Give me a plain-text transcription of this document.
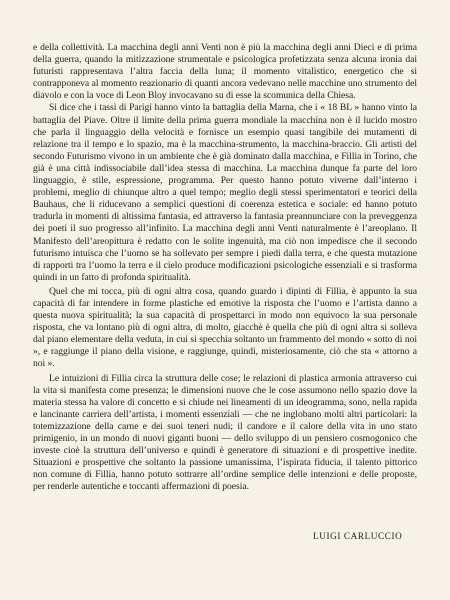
e della collettività. La macchina degli anni Venti non è più la macchina degli anni Dieci e di prima della guerra, quando la mitizzazione strumentale e psicologica profetizzata senza alcuna ironia dai futuristi rappresentava l’altra faccia della luna; il momento vitalistico, energetico che si contrapponeva al momento reazionario di quanti ancora vedevano nelle macchine uno strumento del diavolo e con la voce di Leon Bloy invocavano su di esse la scomunica della Chiesa.

Si dice che i tassì di Parigi hanno vinto la battaglia della Marna, che i « 18 BL » hanno vinto la battaglia del Piave. Oltre il limite della prima guerra mondiale la macchina non è il lucido mostro che parla il linguaggio della velocità e fornisce un esempio quasi tangibile dei mutamenti di relazione tra il tempo e lo spazio, ma è la macchina-strumento, la macchina-braccio. Gli artisti del secondo Futurismo vivono in un ambiente che è già dominato dalla macchina, e Fillia in Torino, che già è una città indissociabile dall’idea stessa di macchina. La macchina dunque fa parte del loro linguaggio, è stile, espressione, programma. Per questo hanno potuto viverne dall’interno i problemi, meglio di chiunque altro a quel tempo; meglio degli stessi sperimentatori e teorici della Bauhaus, che li riducevano a semplici questioni di coerenza estetica e sociale: ed hanno potuto tradurla in momenti di altissima fantasia, ed attraverso la fantasia preannunciare con la preveggenza dei poeti il suo progresso all’infinito. La macchina degli anni Venti naturalmente è l’areoplano. Il Manifesto dell’areopittura è redatto con le solite ingenuità, ma ciò non impedisce che il secondo futurismo intuisca che l’uomo se ha sollevato per sempre i piedi dalla terra, e che questa mutazione di rapporti tra l’uomo la terra e il cielo produce modificazioni psicologiche essenziali e si trasforma quindi in un fatto di profonda spiritualità.

Quel che mi tocca, più di ogni altra cosa, quando guardo i dipinti di Fillia, è appunto la sua capacità di far intendere in forme plastiche ed emotive la risposta che l’uomo e l’artista danno a questa nuova spiritualità; la sua capacità di prospettarci in modo non equivoco la sua personale risposta, che va lontano più di ogni altra, di molto, giacchè è quella che più di ogni altra si solleva dal piano elementare della veduta, in cui si specchia soltanto un frammento del mondo « sotto di noi », e raggiunge il piano della visione, e raggiunge, quindi, misteriosamente, ciò che sta « attorno a noi ».

Le intuizioni di Fillia circa la struttura delle cose; le relazioni di plastica armonia attraverso cui la vita si manifesta come presenza; le dimensioni nuove che le cose assumono nello spazio dove la materia stessa ha valore di concetto e si chiude nei lineamenti di un ideogramma, sono, nella rapida e lancinante carriera dell’artista, i momenti essenziali — che ne inglobano molti altri particolari: la totemizzazione della carne e dei suoi teneri nudi; il candore e il calore della vita in uno stato primigenio, in un mondo di nuovi giganti buoni — dello sviluppo di un pensiero cosmogonico che investe cioè la struttura dell’universo e quindi è generatore di situazioni e di prospettive inedite. Situazioni e prospettive che soltanto la passione umanissima, l’ispirata fiducia, il talento pittorico non comune di Fillia, hanno potuto sottrarre all’ordine semplice delle intenzioni e delle proposte, per renderle autentiche e toccanti affermazioni di poesia.

LUIGI CARLUCCIO
